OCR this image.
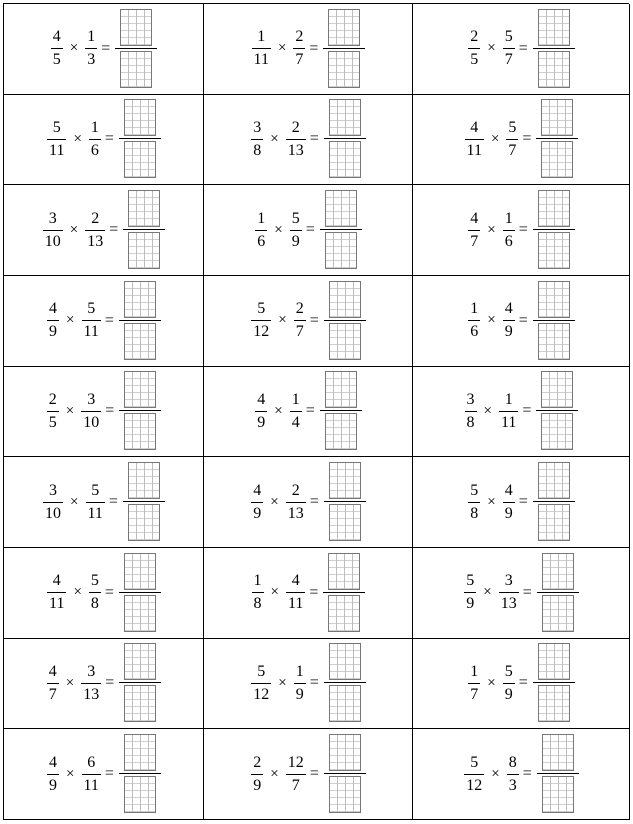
$\frac{4}{5} \times \frac{1}{3}$ =	$\frac{1}{11} \times \frac{2}{7}$ =	$\frac{2}{5} \times \frac{5}{7}$ =
$\frac{5}{11} \times \frac{1}{6}$ =	$\frac{3}{8} \times \frac{2}{13}$ =	$\frac{4}{11} \times \frac{5}{7}$ =
$\frac{3}{10} \times \frac{2}{13}$ =	$\frac{1}{6} \times \frac{5}{9}$ =	$\frac{4}{7} \times \frac{1}{6}$ =
$\frac{4}{9} \times \frac{5}{11}$ =	$\frac{5}{12} \times \frac{2}{7}$ =	$\frac{1}{6} \times \frac{4}{9}$ =
$\frac{2}{5} \times \frac{3}{10}$ =	$\frac{4}{9} \times \frac{1}{4}$ =	$\frac{3}{8} \times \frac{1}{11}$ =
$\frac{3}{10} \times \frac{5}{11}$ =	$\frac{4}{9} \times \frac{2}{13}$ =	$\frac{5}{8} \times \frac{4}{9}$ =
$\frac{4}{11} \times \frac{5}{8}$ =	$\frac{1}{8} \times \frac{4}{11}$ =	$\frac{5}{9} \times \frac{3}{13}$ =
$\frac{4}{7} \times \frac{3}{13}$ =	$\frac{5}{12} \times \frac{1}{9}$ =	$\frac{1}{7} \times \frac{5}{9}$ =
$\frac{4}{9} \times \frac{6}{11}$ =	$\frac{2}{9} \times \frac{12}{7}$ =	$\frac{5}{12} \times \frac{8}{3}$ =
